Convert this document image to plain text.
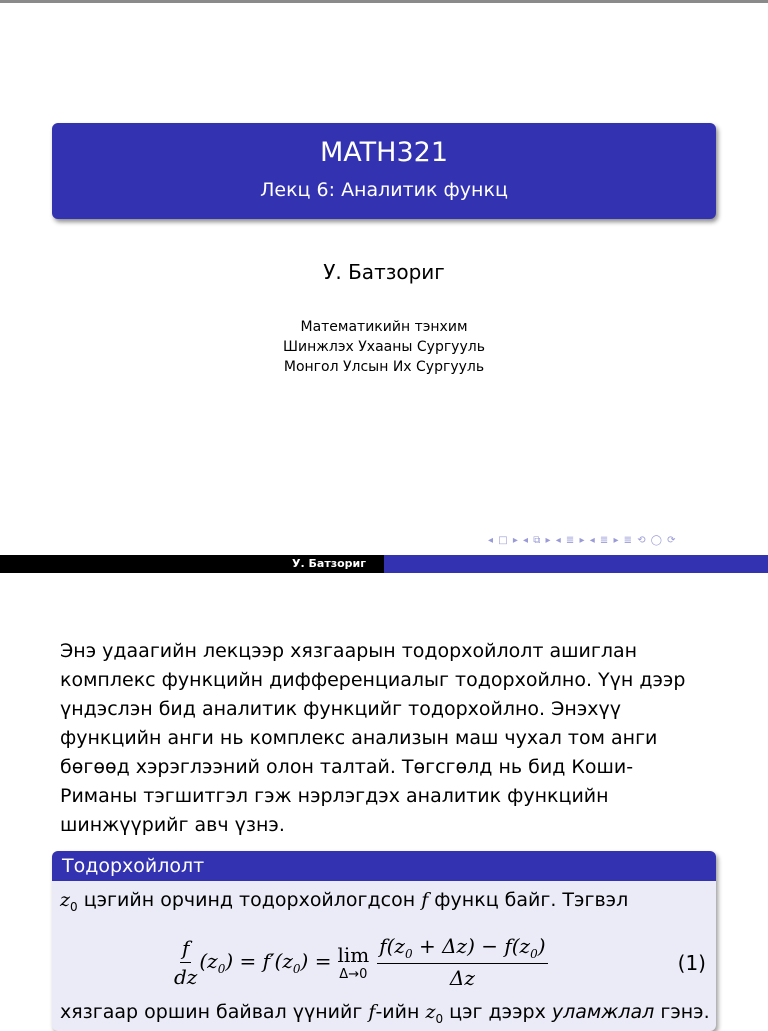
MATH321
Лекц 6: Аналитик функц
У. Батзориг
Математикийн тэнхим
Шинжлэх Ухааны Сургууль
Монгол Улсын Их Сургууль
◂ □ ▸ ◂ ⧉ ▸ ◂ ≣ ▸ ◂ ≣ ▸ ≣ ⟲ ◯ ⟳
У. Батзориг

Энэ удаагийн лекцээр хязгаарын тодорхойлолт ашиглан комплекс функцийн дифференциалыг тодорхойлно. Үүн дээр үндэслэн бид аналитик функцийг тодорхойлно. Энэхүү функцийн анги нь комплекс анализын маш чухал том анги бөгөөд хэрэглээний олон талтай. Төгсгөлд нь бид Коши-Риманы тэгшитгэл гэж нэрлэгдэх аналитик функцийн шинжүүрийг авч үзнэ.

Тодорхойлолт
$z_0$ цэгийн орчинд тодорхойлогдсон f функц байг. Тэгвэл
$\frac{f}{dz} (z_0) = f'(z_0) = \lim$
$\Delta\to 0 \frac{f(z_0 + \Delta z) - f(z_0)}{\Delta z}$	(1)
хязгаар оршин байвал үүнийг f-ийн $z_0$ цэг дээрх уламжлал гэнэ.
